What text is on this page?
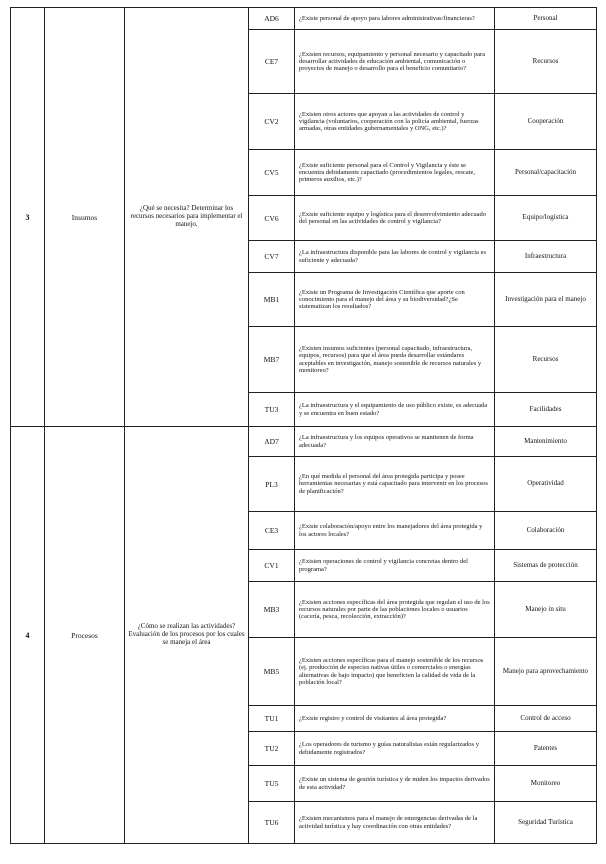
3	Insumos	¿Qué se necesita? Determinar los recursos necesarios para implementar el manejo.	AD6	¿Existe personal de apoyo para labores administrativas/financieras?	Personal
			CE7	¿Existen recursos, equipamiento y personal necesario y capacitado para desarrollar actividades de educación ambiental, comunicación o proyectos de manejo o desarrollo para el beneficio comunitario?	Recursos
			CV2	¿Existen otros actores que apoyan a las actividades de control y vigilancia (voluntarios, cooperación con la policía ambiental, fuerzas armadas, otras entidades gubernamentales y ONG, etc.)?	Cooperación
			CV5	¿Existe suficiente personal para el Control y Vigilancia y éste se encuentra debidamente capacitado (procedimientos legales, rescate, primeros auxilios, etc.)?	Personal/capacitación
			CV6	¿Existe suficiente equipo y logística para el desenvolvimiento adecuado del personal en las actividades de control y vigilancia?	Equipo/logística
			CV7	¿La infraestructura disponible para las labores de control y vigilancia es suficiente y adecuada?	Infraestructura
			MB1	¿Existe un Programa de Investigación Científica que aporte con conocimiento para el manejo del área y su biodiversidad?¿Se sistematizan los resultados?	Investigación para el manejo
			MB7	¿Existen insumos suficientes (personal capacitado, infraestructura, equipos, recursos) para que el área pueda desarrollar estándares aceptables en investigación, manejo sostenible de recursos naturales y monitoreo?	Recursos
			TU3	¿La infraestructura y el equipamiento de uso público existe, es adecuada y se encuentra en buen estado?	Facilidades
4	Procesos	¿Cómo se realizan las actividades? Evaluación de los procesos por los cuales se maneja el área	AD7	¿La infraestructura y los equipos operativos se mantienen de forma adecuada?	Mantenimiento
			PL3	¿En qué medida el personal del área protegida participa y posee herramientas necesarias y está capacitado para intervenir en los procesos de planificación?	Operatividad
			CE3	¿Existe colaboración/apoyo entre los manejadores del área protegida y los actores locales?	Colaboración
			CV1	¿Existen operaciones de control y vigilancia concretas dentro del programa?	Sistemas de protección
			MB3	¿Existen acciones específicas del área protegida que regulan el uso de los recursos naturales por parte de las poblaciones locales o usuarios (cacería, pesca, recolección, extracción)?	Manejo in situ
			MB5	¿Existen acciones específicas para el manejo sostenible de los recursos (ej. producción de especies nativas útiles o comerciales o energías alternativas de bajo impacto) que beneficien la calidad de vida de la población local?	Manejo para aprovechamiento
			TU1	¿Existe registro y control de visitantes al área protegida?	Control de acceso
			TU2	¿Los operadores de turismo y guías naturalistas están regularizados y debidamente registrados?	Patentes
			TU5	¿Existe un sistema de gestión turística y de miden los impactos derivados de esta actividad?	Monitoreo
			TU6	¿Existen mecanismos para el manejo de emergencias derivadas de la actividad turística y hay coordinación con otras entidades?	Seguridad Turística
